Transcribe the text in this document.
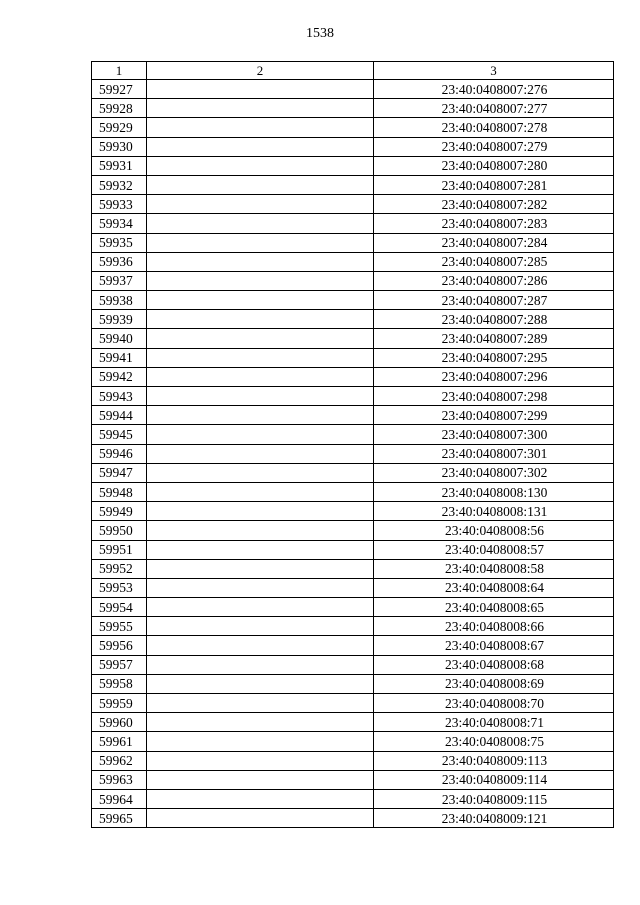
1538
1	2	3
59927		23:40:0408007:276
59928		23:40:0408007:277
59929		23:40:0408007:278
59930		23:40:0408007:279
59931		23:40:0408007:280
59932		23:40:0408007:281
59933		23:40:0408007:282
59934		23:40:0408007:283
59935		23:40:0408007:284
59936		23:40:0408007:285
59937		23:40:0408007:286
59938		23:40:0408007:287
59939		23:40:0408007:288
59940		23:40:0408007:289
59941		23:40:0408007:295
59942		23:40:0408007:296
59943		23:40:0408007:298
59944		23:40:0408007:299
59945		23:40:0408007:300
59946		23:40:0408007:301
59947		23:40:0408007:302
59948		23:40:0408008:130
59949		23:40:0408008:131
59950		23:40:0408008:56
59951		23:40:0408008:57
59952		23:40:0408008:58
59953		23:40:0408008:64
59954		23:40:0408008:65
59955		23:40:0408008:66
59956		23:40:0408008:67
59957		23:40:0408008:68
59958		23:40:0408008:69
59959		23:40:0408008:70
59960		23:40:0408008:71
59961		23:40:0408008:75
59962		23:40:0408009:113
59963		23:40:0408009:114
59964		23:40:0408009:115
59965		23:40:0408009:121
